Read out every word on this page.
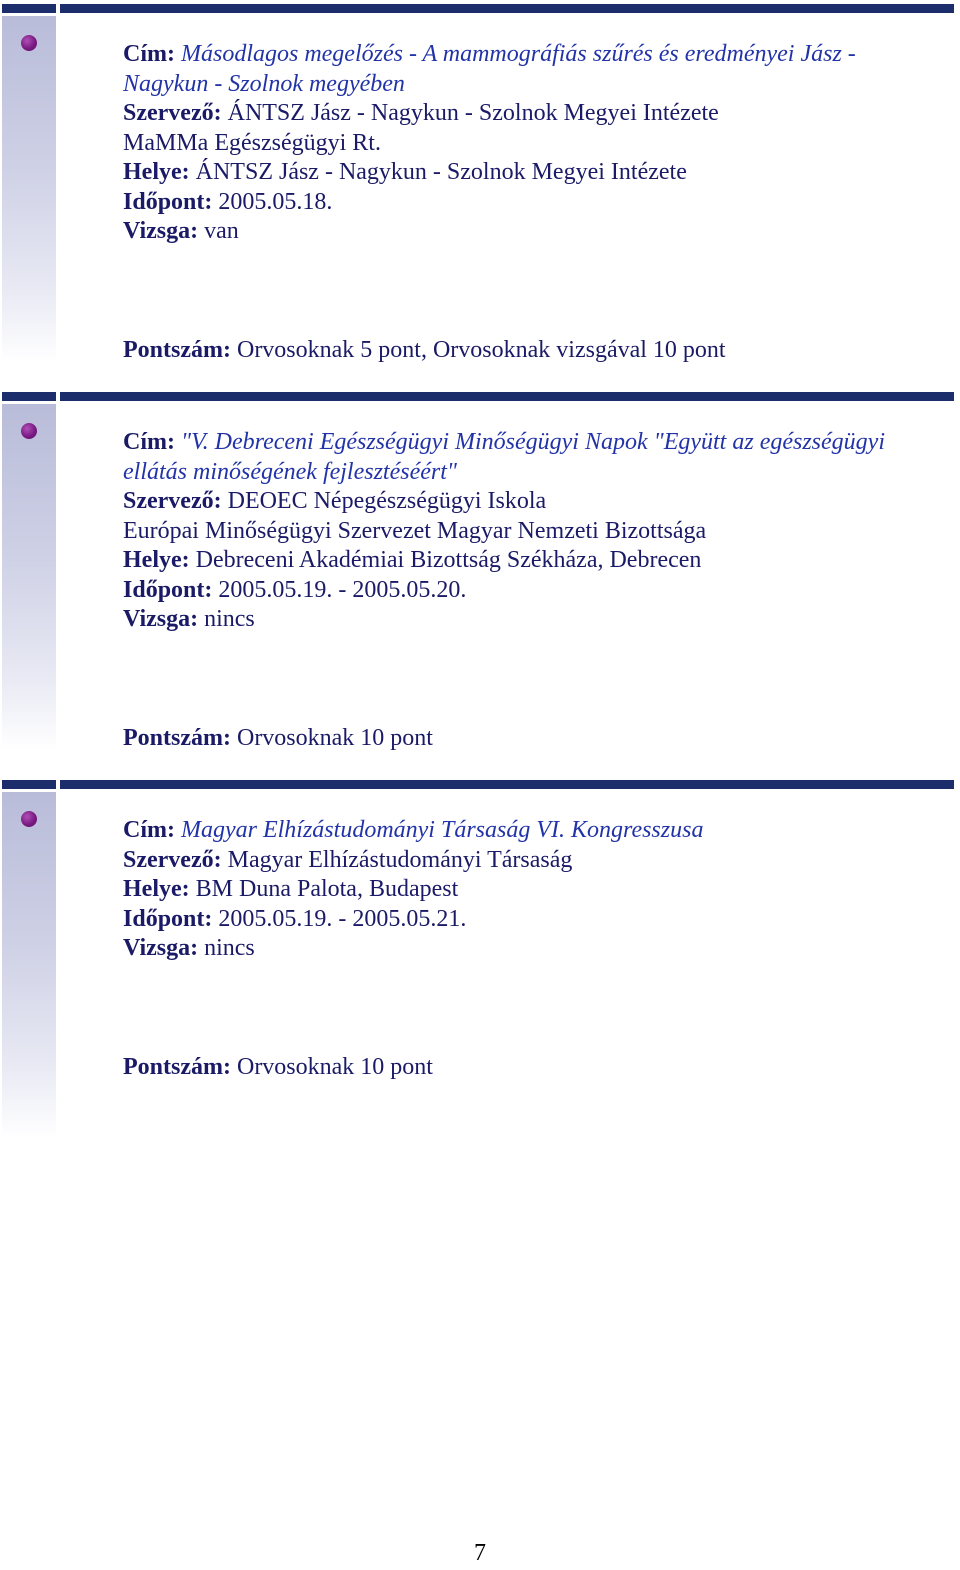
Cím: Másodlagos megelőzés - A mammográfiás szűrés és eredményei Jász -
Nagykun - Szolnok megyében
Szervező: ÁNTSZ Jász - Nagykun - Szolnok Megyei Intézete
MaMMa Egészségügyi Rt.
Helye: ÁNTSZ Jász - Nagykun - Szolnok Megyei Intézete
Időpont: 2005.05.18.
Vizsga: van
Pontszám: Orvosoknak 5 pont, Orvosoknak vizsgával 10 pont
Cím: "V. Debreceni Egészségügyi Minőségügyi Napok "Együtt az egészségügyi
ellátás minőségének fejlesztéséért"
Szervező: DEOEC Népegészségügyi Iskola
Európai Minőségügyi Szervezet Magyar Nemzeti Bizottsága
Helye: Debreceni Akadémiai Bizottság Székháza, Debrecen
Időpont: 2005.05.19. - 2005.05.20.
Vizsga: nincs
Pontszám: Orvosoknak 10 pont
Cím: Magyar Elhízástudományi Társaság VI. Kongresszusa
Szervező: Magyar Elhízástudományi Társaság
Helye: BM Duna Palota, Budapest
Időpont: 2005.05.19. - 2005.05.21.
Vizsga: nincs
Pontszám: Orvosoknak 10 pont
7
